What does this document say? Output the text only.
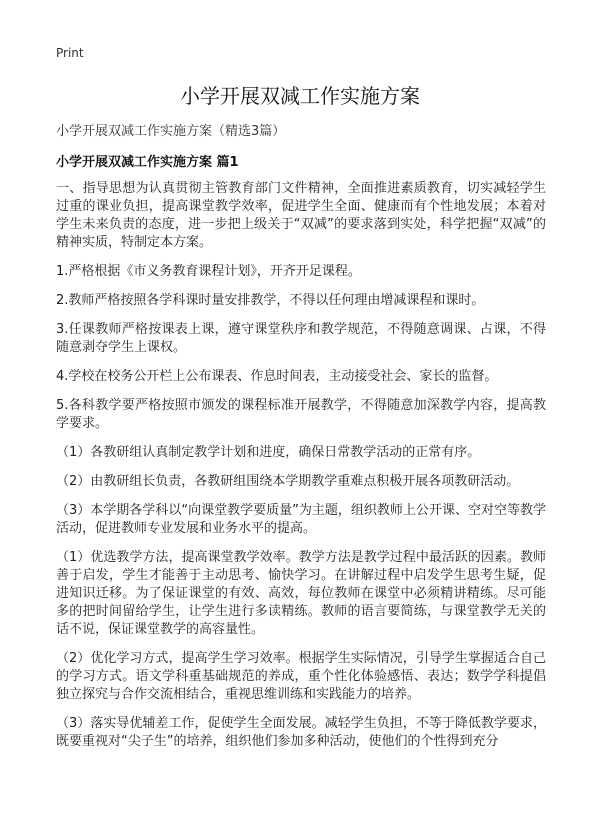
Print
小学开展双减工作实施方案
小学开展双减工作实施方案（精选3篇）
小学开展双减工作实施方案 篇1

一、指导思想为认真贯彻主管教育部门文件精神，全面推进素质教育，切实减轻学生过重的课业负担，提高课堂教学效率，促进学生全面、健康而有个性地发展；本着对学生未来负责的态度，进一步把上级关于“双减”的要求落到实处，科学把握“双减”的精神实质，特制定本方案。

1.严格根据《市义务教育课程计划》，开齐开足课程。

2.教师严格按照各学科课时量安排教学，不得以任何理由增减课程和课时。

3.任课教师严格按课表上课，遵守课堂秩序和教学规范，不得随意调课、占课，不得随意剥夺学生上课权。

4.学校在校务公开栏上公布课表、作息时间表，主动接受社会、家长的监督。

5.各科教学要严格按照市颁发的课程标准开展教学，不得随意加深教学内容，提高教学要求。

（1）各教研组认真制定教学计划和进度，确保日常教学活动的正常有序。

（2）由教研组长负责，各教研组围绕本学期教学重难点积极开展各项教研活动。

（3）本学期各学科以“向课堂教学要质量”为主题，组织教师上公开课、空对空等教学活动，促进教师专业发展和业务水平的提高。

（1）优选教学方法，提高课堂教学效率。教学方法是教学过程中最活跃的因素。教师善于启发，学生才能善于主动思考、愉快学习。在讲解过程中启发学生思考生疑，促进知识迁移。为了保证课堂的有效、高效，每位教师在课堂中必须精讲精练。尽可能多的把时间留给学生，让学生进行多读精练。教师的语言要简练，与课堂教学无关的话不说，保证课堂教学的高容量性。

（2）优化学习方式，提高学生学习效率。根据学生实际情况，引导学生掌握适合自己的学习方式。语文学科重基础规范的养成，重个性化体验感悟、表达；数学学科提倡独立探究与合作交流相结合，重视思维训练和实践能力的培养。

（3）落实导优辅差工作，促使学生全面发展。减轻学生负担，不等于降低教学要求，既要重视对“尖子生”的培养，组织他们参加多种活动，使他们的个性得到充分
